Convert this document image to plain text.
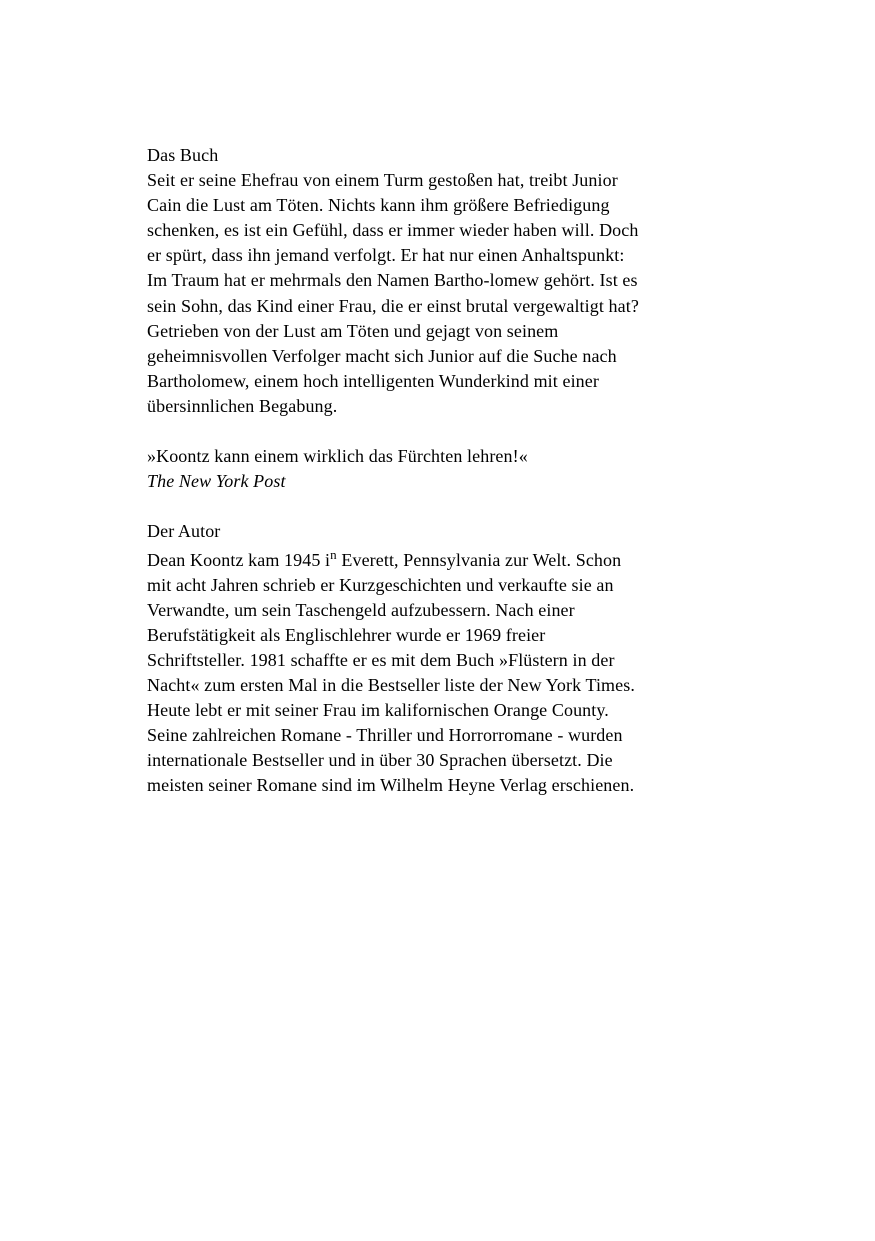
Das Buch
Seit er seine Ehefrau von einem Turm gestoßen hat, treibt Junior
Cain die Lust am Töten. Nichts kann ihm größere Befriedigung
schenken, es ist ein Gefühl, dass er immer wieder haben will. Doch
er spürt, dass ihn jemand verfolgt. Er hat nur einen Anhaltspunkt:
Im Traum hat er mehrmals den Namen Bartho-lomew gehört. Ist es
sein Sohn, das Kind einer Frau, die er einst brutal vergewaltigt hat?
Getrieben von der Lust am Töten und gejagt von seinem
geheimnisvollen Verfolger macht sich Junior auf die Suche nach
Bartholomew, einem hoch intelligenten Wunderkind mit einer
übersinnlichen Begabung.
»Koontz kann einem wirklich das Fürchten lehren!«
The New York Post
Der Autor
Dean Koontz kam 1945 $i^n$ Everett, Pennsylvania zur Welt. Schon
mit acht Jahren schrieb er Kurzgeschichten und verkaufte sie an
Verwandte, um sein Taschengeld aufzubessern. Nach einer
Berufstätigkeit als Englischlehrer wurde er 1969 freier
Schriftsteller. 1981 schaffte er es mit dem Buch »Flüstern in der
Nacht« zum ersten Mal in die Bestseller liste der New York Times.
Heute lebt er mit seiner Frau im kalifornischen Orange County.
Seine zahlreichen Romane - Thriller und Horrorromane - wurden
internationale Bestseller und in über 30 Sprachen übersetzt. Die
meisten seiner Romane sind im Wilhelm Heyne Verlag erschienen.
